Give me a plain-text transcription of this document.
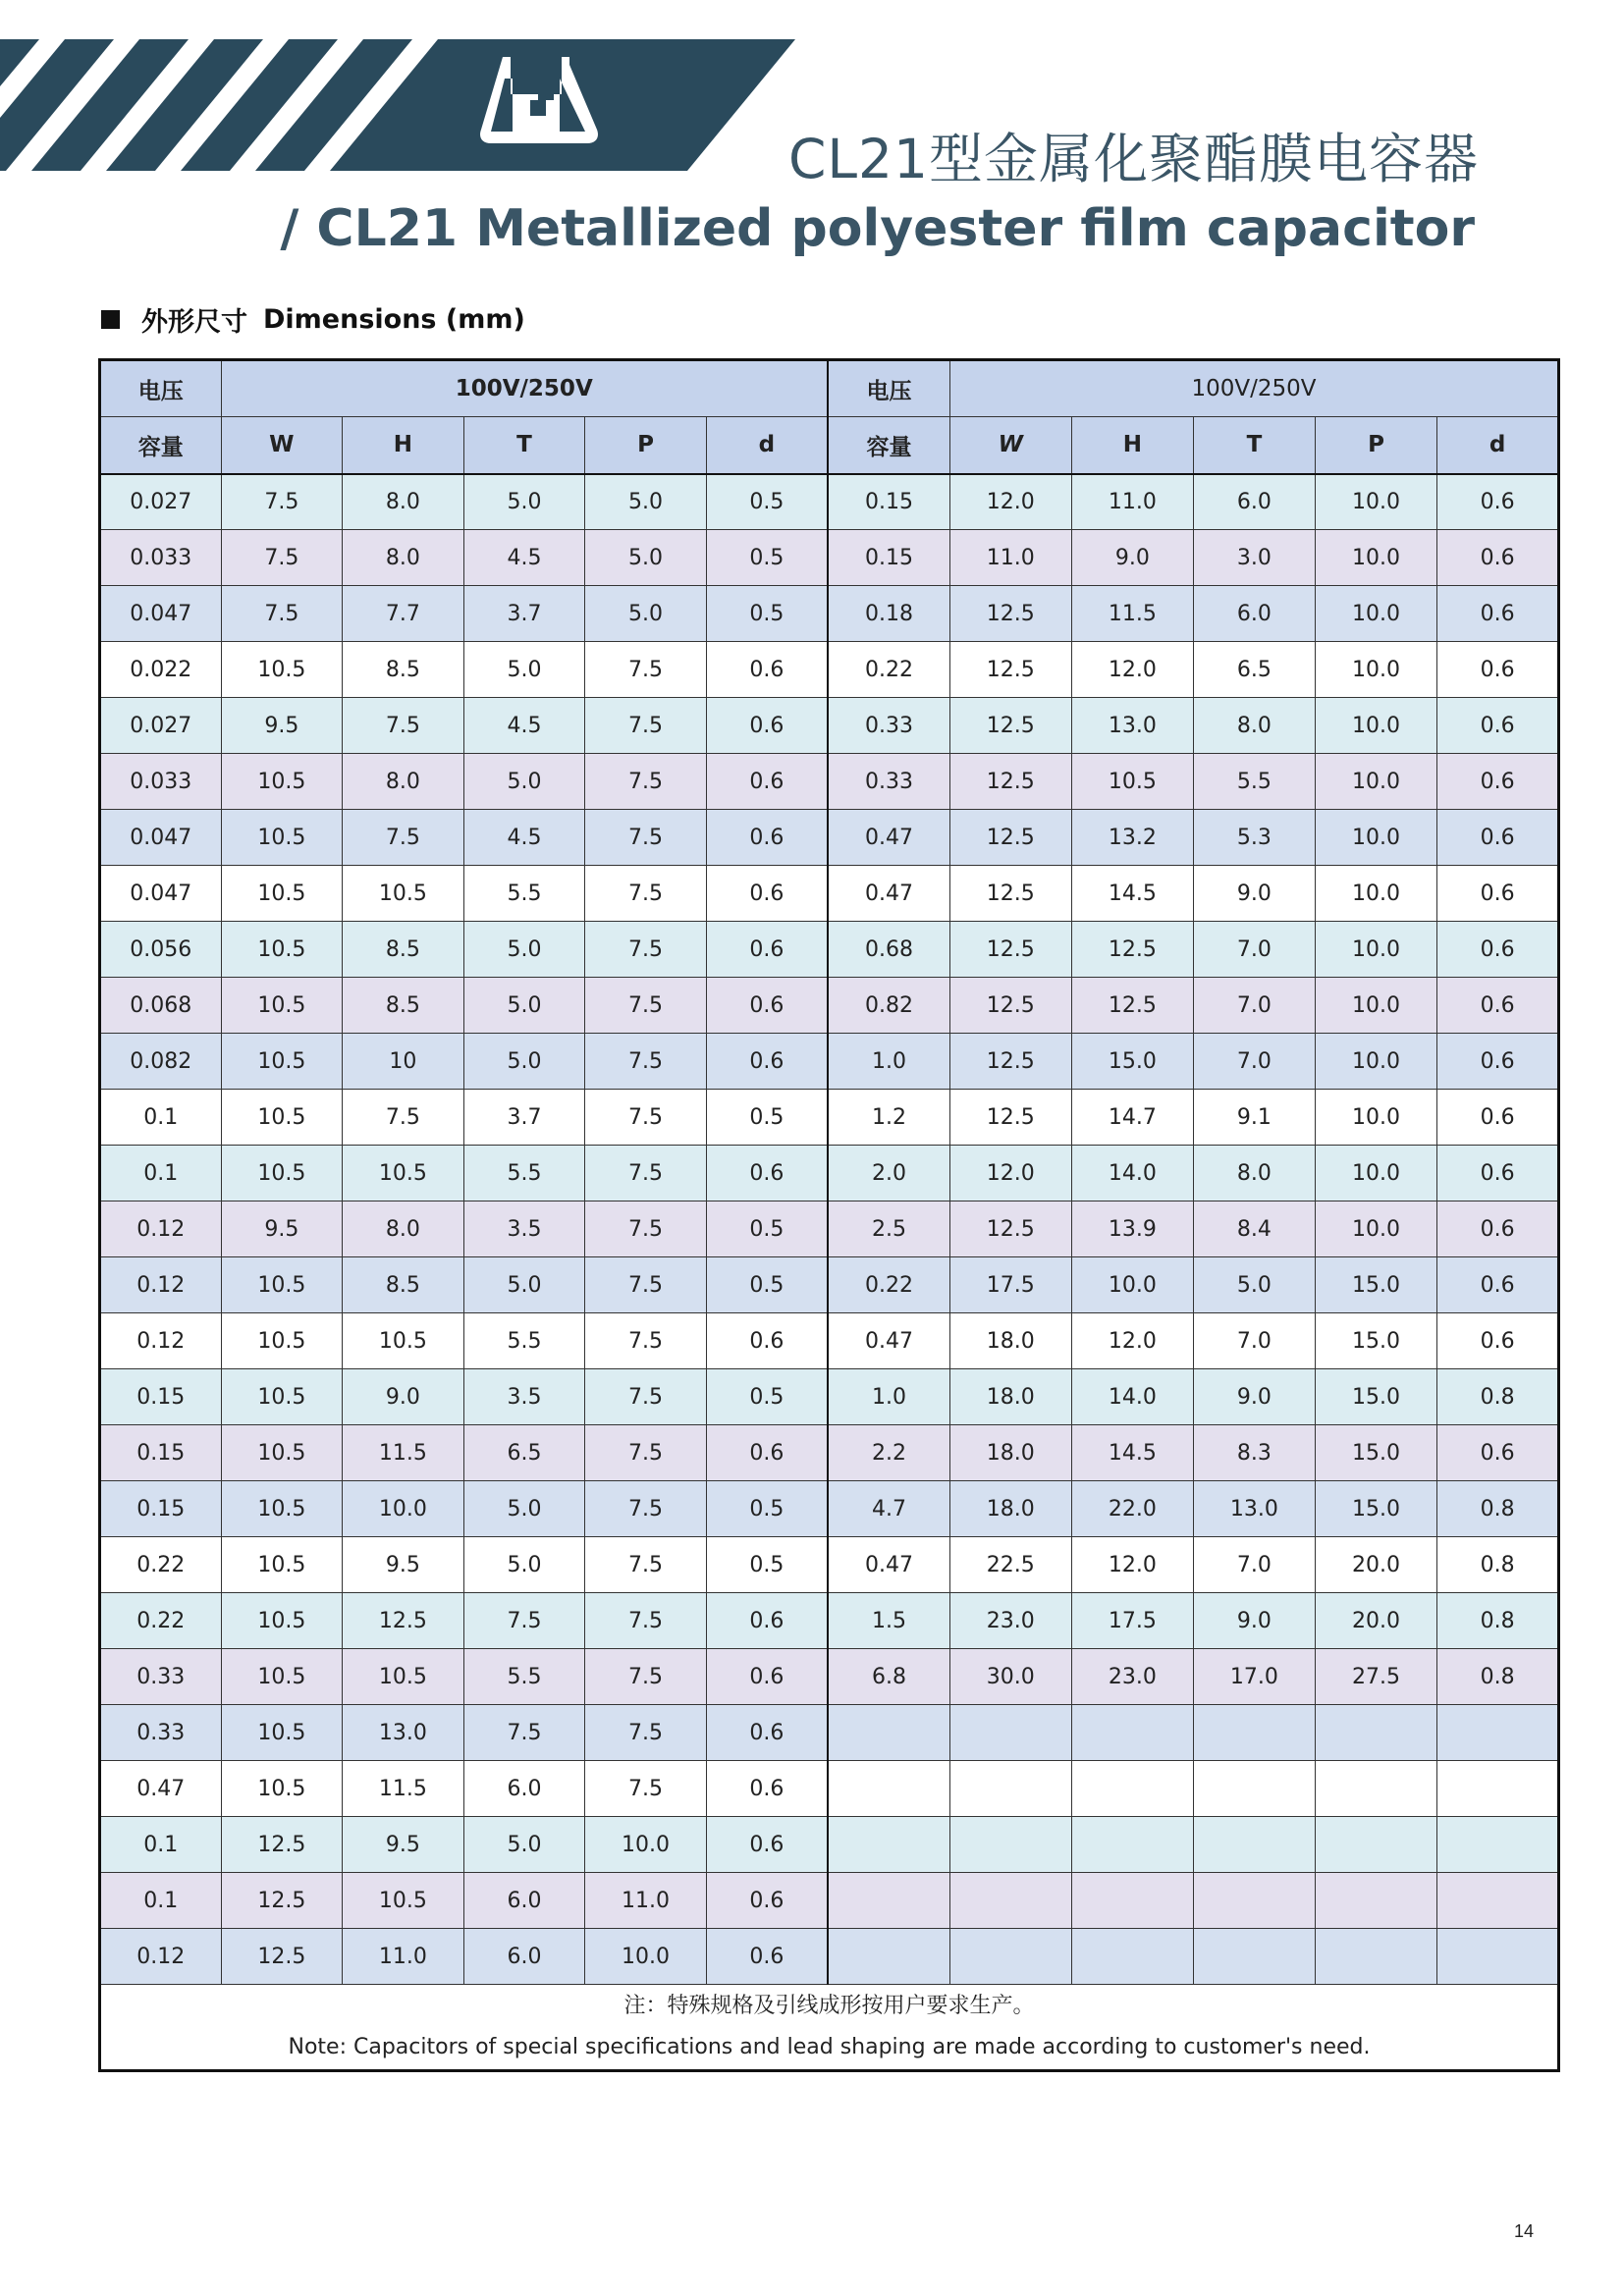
CL21型金属化聚酯膜电容器
/ CL21 Metallized polyester film capacitor
外形尺寸 Dimensions (mm)
电压	100V/250V					电压	100V/250V				
容量	W	H	T	P	d	容量	W	H	T	P	d
0.027	7.5	8.0	5.0	5.0	0.5	0.15	12.0	11.0	6.0	10.0	0.6
0.033	7.5	8.0	4.5	5.0	0.5	0.15	11.0	9.0	3.0	10.0	0.6
0.047	7.5	7.7	3.7	5.0	0.5	0.18	12.5	11.5	6.0	10.0	0.6
0.022	10.5	8.5	5.0	7.5	0.6	0.22	12.5	12.0	6.5	10.0	0.6
0.027	9.5	7.5	4.5	7.5	0.6	0.33	12.5	13.0	8.0	10.0	0.6
0.033	10.5	8.0	5.0	7.5	0.6	0.33	12.5	10.5	5.5	10.0	0.6
0.047	10.5	7.5	4.5	7.5	0.6	0.47	12.5	13.2	5.3	10.0	0.6
0.047	10.5	10.5	5.5	7.5	0.6	0.47	12.5	14.5	9.0	10.0	0.6
0.056	10.5	8.5	5.0	7.5	0.6	0.68	12.5	12.5	7.0	10.0	0.6
0.068	10.5	8.5	5.0	7.5	0.6	0.82	12.5	12.5	7.0	10.0	0.6
0.082	10.5	10	5.0	7.5	0.6	1.0	12.5	15.0	7.0	10.0	0.6
0.1	10.5	7.5	3.7	7.5	0.5	1.2	12.5	14.7	9.1	10.0	0.6
0.1	10.5	10.5	5.5	7.5	0.6	2.0	12.0	14.0	8.0	10.0	0.6
0.12	9.5	8.0	3.5	7.5	0.5	2.5	12.5	13.9	8.4	10.0	0.6
0.12	10.5	8.5	5.0	7.5	0.5	0.22	17.5	10.0	5.0	15.0	0.6
0.12	10.5	10.5	5.5	7.5	0.6	0.47	18.0	12.0	7.0	15.0	0.6
0.15	10.5	9.0	3.5	7.5	0.5	1.0	18.0	14.0	9.0	15.0	0.8
0.15	10.5	11.5	6.5	7.5	0.6	2.2	18.0	14.5	8.3	15.0	0.6
0.15	10.5	10.0	5.0	7.5	0.5	4.7	18.0	22.0	13.0	15.0	0.8
0.22	10.5	9.5	5.0	7.5	0.5	0.47	22.5	12.0	7.0	20.0	0.8
0.22	10.5	12.5	7.5	7.5	0.6	1.5	23.0	17.5	9.0	20.0	0.8
0.33	10.5	10.5	5.5	7.5	0.6	6.8	30.0	23.0	17.0	27.5	0.8
0.33	10.5	13.0	7.5	7.5	0.6						
0.47	10.5	11.5	6.0	7.5	0.6						
0.1	12.5	9.5	5.0	10.0	0.6						
0.1	12.5	10.5	6.0	11.0	0.6						
0.12	12.5	11.0	6.0	10.0	0.6						

注：特殊规格及引线成形按用户要求生产。
Note: Capacitors of special specifications and lead shaping are made according to customer's need.											
14
